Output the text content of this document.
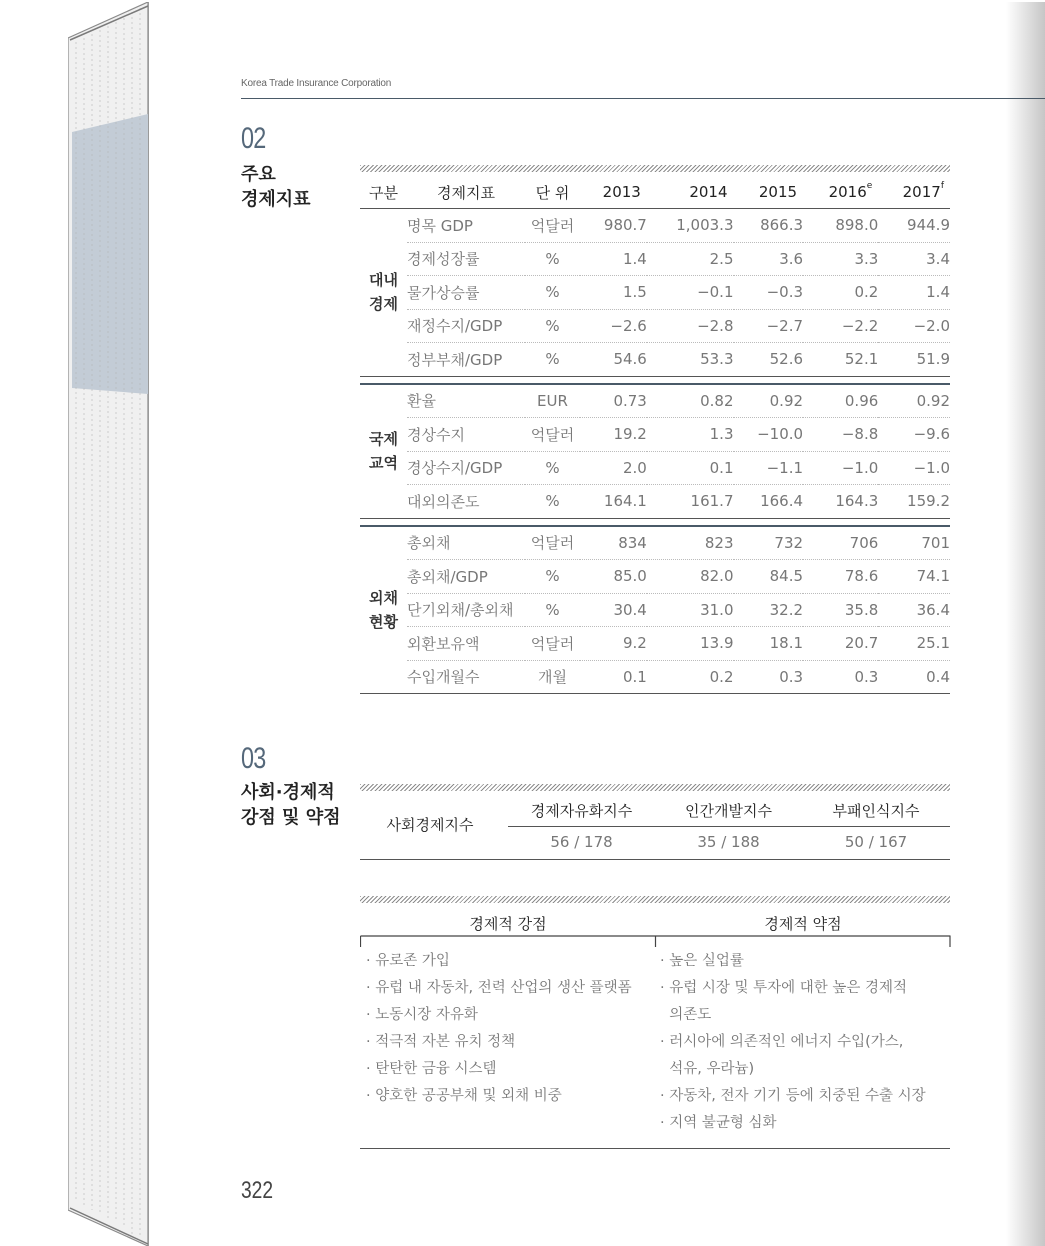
Korea Trade Insurance Corporation
02
주요
경제지표	구분	경제지표	단 위	2013	2014	2015	2016e	2017$^f$

대내
경제	명목 GDP	억달러	980.7	1,003.3	866.3	898.0	944.9
	경제성장률	%	1.4	2.5	3.6	3.3	3.4
	물가상승률	%	1.5	−0.1	−0.3	0.2	1.4
	재정수지/GDP	%	−2.6	−2.8	−2.7	−2.2	−2.0
	정부부채/GDP	%	54.6	53.3	52.6	52.1	51.9

국제
교역	환율	EUR	0.73	0.82	0.92	0.96	0.92
	경상수지	억달러	19.2	1.3	−10.0	−8.8	−9.6
	경상수지/GDP	%	2.0	0.1	−1.1	−1.0	−1.0
	대외의존도	%	164.1	161.7	166.4	164.3	159.2

외채
현황	총외채	억달러	834	823	732	706	701
	총외채/GDP	%	85.0	82.0	84.5	78.6	74.1
	단기외채/총외채	%	30.4	31.0	32.2	35.8	36.4
	외환보유액	억달러	9.2	13.9	18.1	20.7	25.1
	수입개월수	개월	0.1	0.2	0.3	0.3	0.4
03
사회·경제적
강점 및 약점	사회경제지수
경제자유화지수	인간개발지수	부패인식지수
56 / 178	35 / 188	50 / 167
경제적 강점	경제적 약점
· 유로존 가입
· 유럽 내 자동차, 전력 산업의 생산 플랫폼
· 노동시장 자유화
· 적극적 자본 유치 정책
· 탄탄한 금융 시스템
· 양호한 공공부채 및 외채 비중
· 높은 실업률
· 유럽 시장 및 투자에 대한 높은 경제적
의존도
· 러시아에 의존적인 에너지 수입(가스,
석유, 우라늄)
· 자동차, 전자 기기 등에 치중된 수출 시장
· 지역 불균형 심화
322
